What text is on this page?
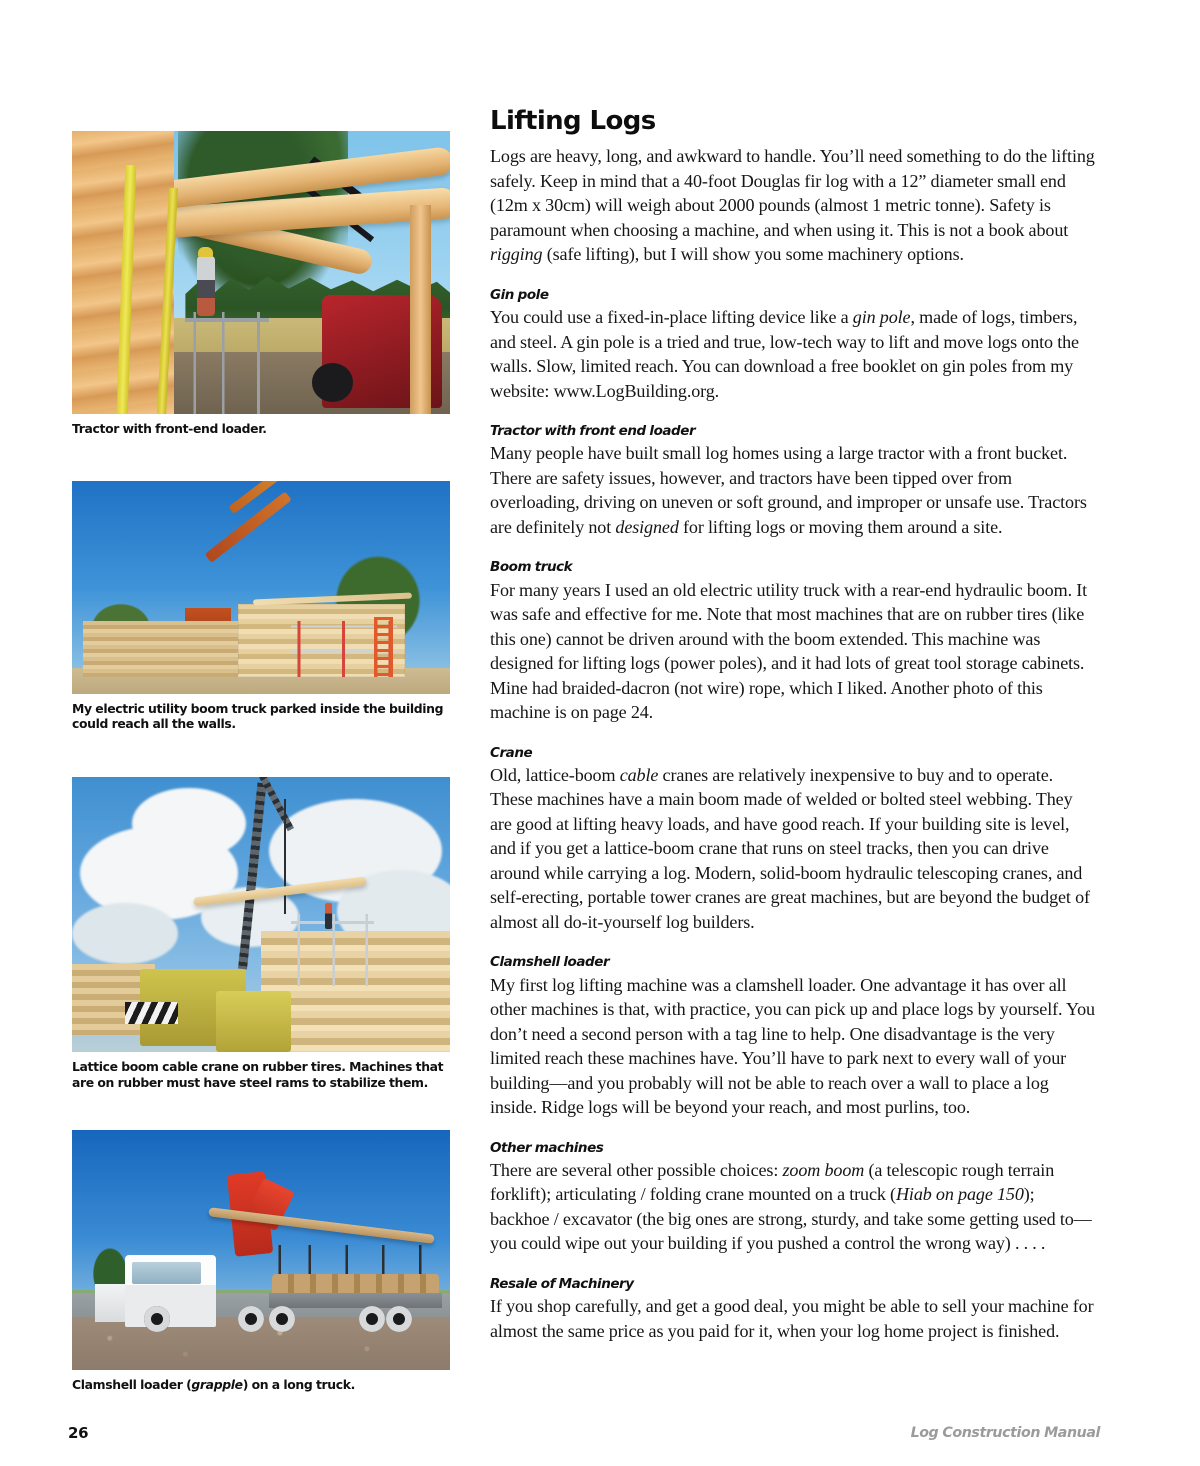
Tractor with front-end loader.
My electric utility boom truck parked inside the building could reach all the walls.
Lattice boom cable crane on rubber tires. Machines that are on rubber must have steel rams to stabilize them.
Clamshell loader (grapple) on a long truck.
Lifting Logs

Logs are heavy, long, and awkward to handle. You’ll need something to do the lifting safely. Keep in mind that a 40-foot Douglas fir log with a 12” diameter small end (12m x 30cm) will weigh about 2000 pounds (almost 1 metric tonne). Safety is paramount when choosing a machine, and when using it. This is not a book about rigging (safe lifting), but I will show you some machinery options.

Gin pole

You could use a fixed-in-place lifting device like a gin pole, made of logs, timbers, and steel. A gin pole is a tried and true, low-tech way to lift and move logs onto the walls. Slow, limited reach. You can download a free booklet on gin poles from my website: www.LogBuilding.org.

Tractor with front end loader

Many people have built small log homes using a large tractor with a front bucket. There are safety issues, however, and tractors have been tipped over from overloading, driving on uneven or soft ground, and improper or unsafe use. Tractors are definitely not designed for lifting logs or moving them around a site.

Boom truck

For many years I used an old electric utility truck with a rear-end hydraulic boom. It was safe and effective for me. Note that most machines that are on rubber tires (like this one) cannot be driven around with the boom extended. This machine was designed for lifting logs (power poles), and it had lots of great tool storage cabinets. Mine had braided-dacron (not wire) rope, which I liked. Another photo of this machine is on page 24.

Crane

Old, lattice-boom cable cranes are relatively inexpensive to buy and to operate. These machines have a main boom made of welded or bolted steel webbing. They are good at lifting heavy loads, and have good reach. If your building site is level, and if you get a lattice-boom crane that runs on steel tracks, then you can drive around while carrying a log. Modern, solid-boom hydraulic telescoping cranes, and self-erecting, portable tower cranes are great machines, but are beyond the budget of almost all do-it-yourself log builders.

Clamshell loader

My first log lifting machine was a clamshell loader. One advantage it has over all other machines is that, with practice, you can pick up and place logs by yourself. You don’t need a second person with a tag line to help. One disadvantage is the very limited reach these machines have. You’ll have to park next to every wall of your building—and you probably will not be able to reach over a wall to place a log inside. Ridge logs will be beyond your reach, and most purlins, too.

Other machines

There are several other possible choices: zoom boom (a telescopic rough terrain forklift); articulating / folding crane mounted on a truck (Hiab on page 150); backhoe / excavator (the big ones are strong, sturdy, and take some getting used to—you could wipe out your building if you pushed a control the wrong way) . . . .

Resale of Machinery

If you shop carefully, and get a good deal, you might be able to sell your machine for almost the same price as you paid for it, when your log home project is finished.

26	Log Construction Manual
